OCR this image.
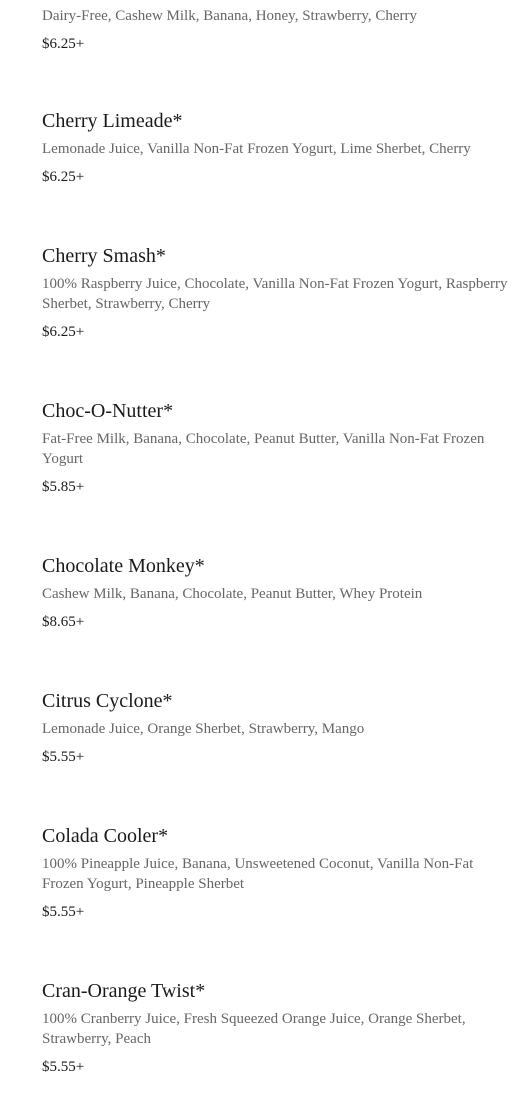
Dairy-Free, Cashew Milk, Banana, Honey, Strawberry, Cherry

$6.25+

Cherry Limeade*

Lemonade Juice, Vanilla Non-Fat Frozen Yogurt, Lime Sherbet, Cherry

$6.25+

Cherry Smash*

100% Raspberry Juice, Chocolate, Vanilla Non-Fat Frozen Yogurt, Raspberry Sherbet, Strawberry, Cherry

$6.25+

Choc-O-Nutter*

Fat-Free Milk, Banana, Chocolate, Peanut Butter, Vanilla Non-Fat Frozen Yogurt

$5.85+

Chocolate Monkey*

Cashew Milk, Banana, Chocolate, Peanut Butter, Whey Protein

$8.65+

Citrus Cyclone*

Lemonade Juice, Orange Sherbet, Strawberry, Mango

$5.55+

Colada Cooler*

100% Pineapple Juice, Banana, Unsweetened Coconut, Vanilla Non-Fat Frozen Yogurt, Pineapple Sherbet

$5.55+

Cran-Orange Twist*

100% Cranberry Juice, Fresh Squeezed Orange Juice, Orange Sherbet, Strawberry, Peach

$5.55+
